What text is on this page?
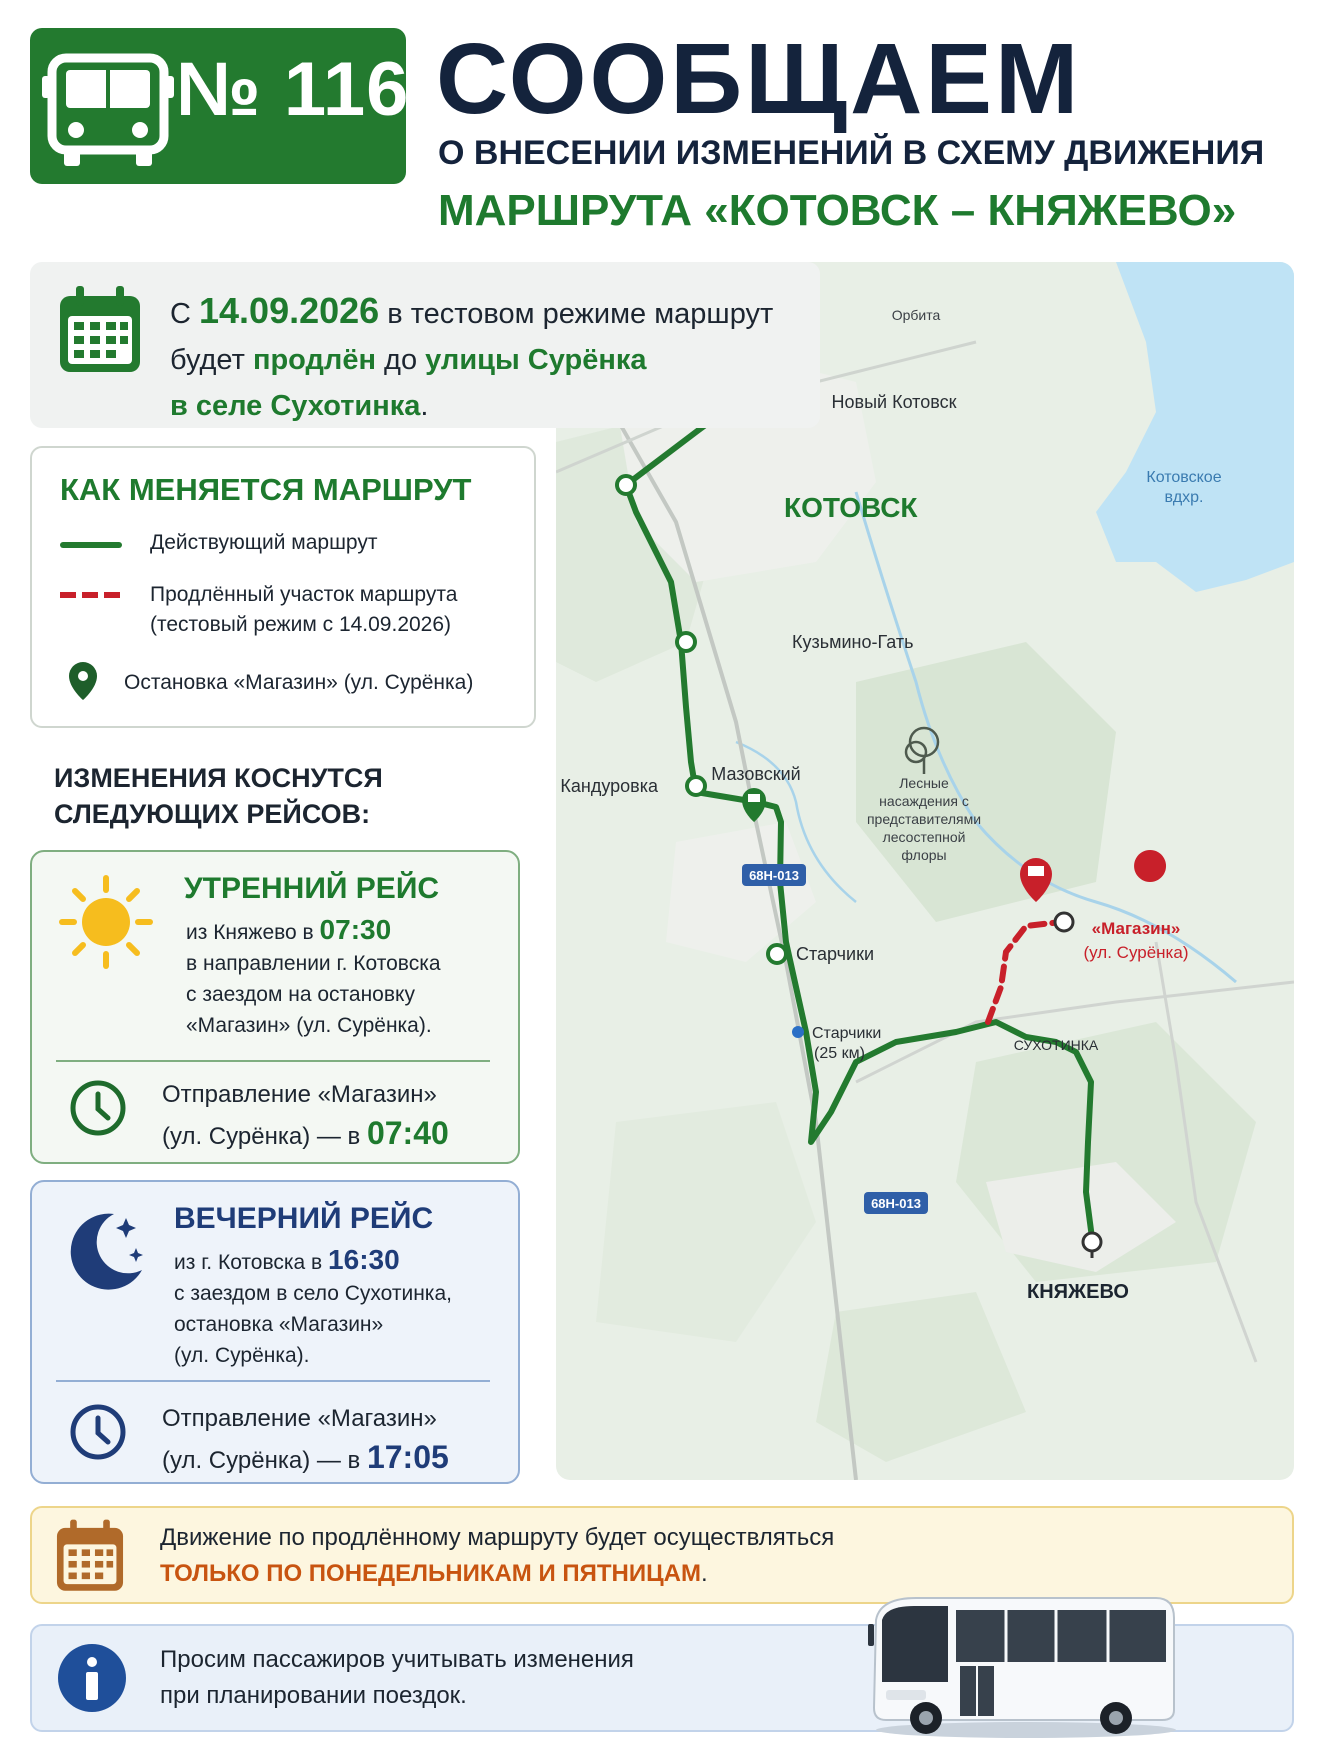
№ 116 СООБЩАЕМ
О ВНЕСЕНИИ ИЗМЕНЕНИЙ В СХЕМУ ДВИЖЕНИЯ
МАРШРУТА «КОТОВСК – КНЯЖЕВО»
Орбита
Новый Котовск
КОТОВСК
Котовское
вдхр.
Кузьмино-Гать
Кандуровка
Мазовский	Лесные
насаждения с
представителями
лесостепной
флоры
68Н-013
68Н-013
Старчики
Старчики
(25 км)
«Магазин»
(ул. Сурёнка)
СУХОТИНКА
КНЯЖЕВО
С 14.09.2026 в тестовом режиме маршрут
будет продлён до улицы Сурёнка
в селе Сухотинка.
КАК МЕНЯЕТСЯ МАРШРУТ
Действующий маршрут
Продлённый участок маршрута
(тестовый режим с 14.09.2026)
Остановка «Магазин» (ул. Сурёнка)
ИЗМЕНЕНИЯ КОСНУТСЯ
СЛЕДУЮЩИХ РЕЙСОВ:
УТРЕННИЙ РЕЙС
из Княжево в 07:30
в направлении г. Котовска
с заездом на остановку
«Магазин» (ул. Сурёнка).
Отправление «Магазин»
(ул. Сурёнка) — в 07:40
ВЕЧЕРНИЙ РЕЙС
из г. Котовска в 16:30
с заездом в село Сухотинка,
остановка «Магазин»
(ул. Сурёнка).
Отправление «Магазин»
(ул. Сурёнка) — в 17:05
Движение по продлённому маршруту будет осуществляться
ТОЛЬКО ПО ПОНЕДЕЛЬНИКАМ И ПЯТНИЦАМ.
Просим пассажиров учитывать изменения
при планировании поездок.
